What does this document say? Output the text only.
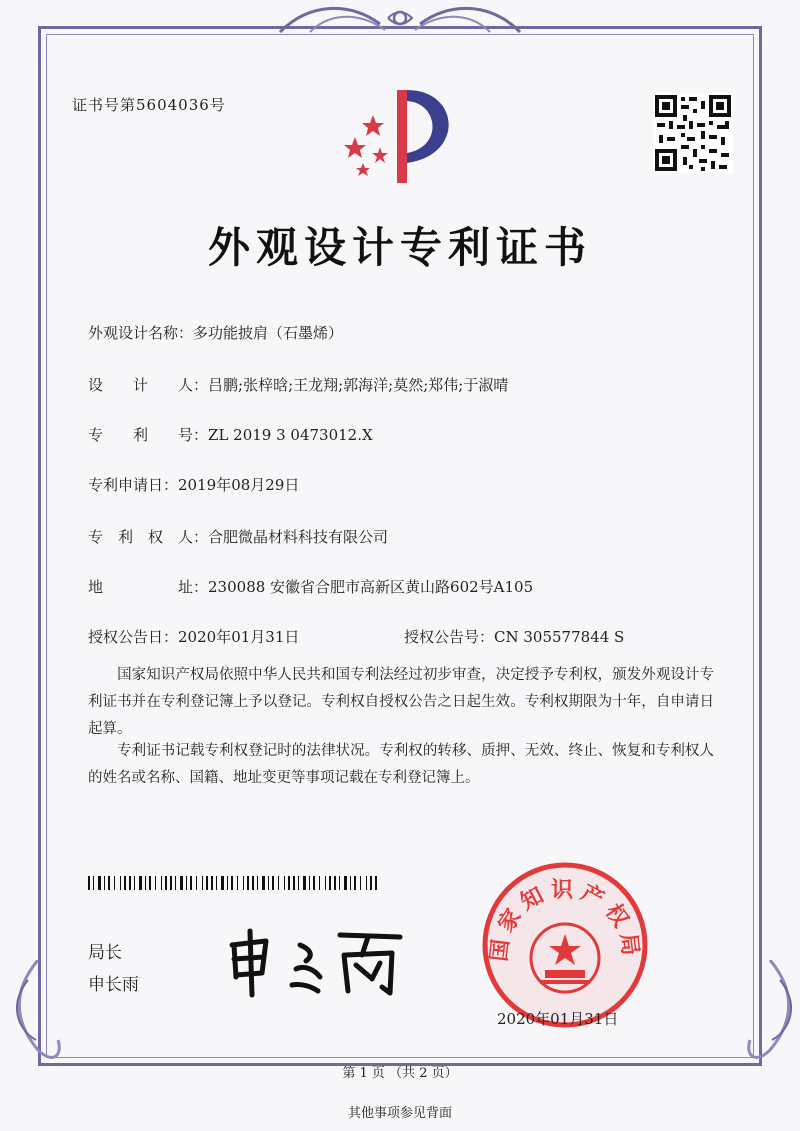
证书号第5604036号
外观设计专利证书
外观设计名称：多功能披肩（石墨烯）
设　　计　　人：吕鹏;张梓晗;王龙翔;郭海洋;莫然;郑伟;于淑晴
专　　利　　号：ZL 2019 3 0473012.X
专利申请日：2019年08月29日
专　利　权　人：合肥微晶材料科技有限公司
地　　　　　址：230088 安徽省合肥市高新区黄山路602号A105
授权公告日：2020年01月31日	授权公告号：CN 305577844 S
　　国家知识产权局依照中华人民共和国专利法经过初步审查，决定授予专利权，颁发外观设计专利证书并在专利登记簿上予以登记。专利权自授权公告之日起生效。专利权期限为十年，自申请日起算。
　　专利证书记载专利权登记时的法律状况。专利权的转移、质押、无效、终止、恢复和专利权人的姓名或名称、国籍、地址变更等事项记载在专利登记簿上。
局长
申长雨
国家知识产权局
2020年01月31日
第 1 页 （共 2 页）
其他事项参见背面
